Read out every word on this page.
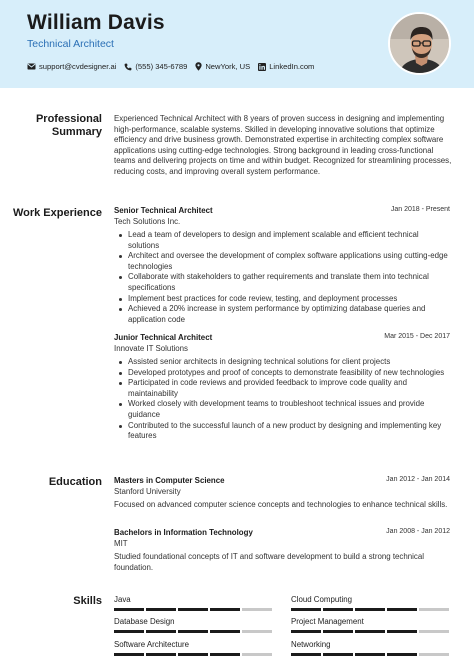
William Davis
Technical Architect
support@cvdesigner.ai	(555) 345-6789 NewYork, US	LinkedIn.com
Professional Summary
Experienced Technical Architect with 8 years of proven success in designing and implementing high-performance, scalable systems. Skilled in developing innovative solutions that optimize efficiency and drive business growth. Demonstrated expertise in architecting complex software applications using cutting-edge technologies. Strong background in leading cross-functional teams and delivering projects on time and within budget. Recognized for streamlining processes, reducing costs, and improving overall system performance.
Work Experience Senior Technical Architect	Jan 2018 - Present
Tech Solutions Inc.
Lead a team of developers to design and implement scalable and efficient technical solutions
Architect and oversee the development of complex software applications using cutting-edge technologies
Collaborate with stakeholders to gather requirements and translate them into technical specifications
Implement best practices for code review, testing, and deployment processes
Achieved a 20% increase in system performance by optimizing database queries and application code
Junior Technical Architect	Mar 2015 - Dec 2017
Innovate IT Solutions
Assisted senior architects in designing technical solutions for client projects
Developed prototypes and proof of concepts to demonstrate feasibility of new technologies
Participated in code reviews and provided feedback to improve code quality and maintainability
Worked closely with development teams to troubleshoot technical issues and provide guidance
Contributed to the successful launch of a new product by designing and implementing key features
Education Masters in Computer Science	Jan 2012 - Jan 2014
Stanford University
Focused on advanced computer science concepts and technologies to enhance technical skills.
Bachelors in Information Technology	Jan 2008 - Jan 2012
MIT
Studied foundational concepts of IT and software development to build a strong technical foundation.
Skills Java	Cloud Computing
Database Design	Project Management
Software Architecture	Networking
